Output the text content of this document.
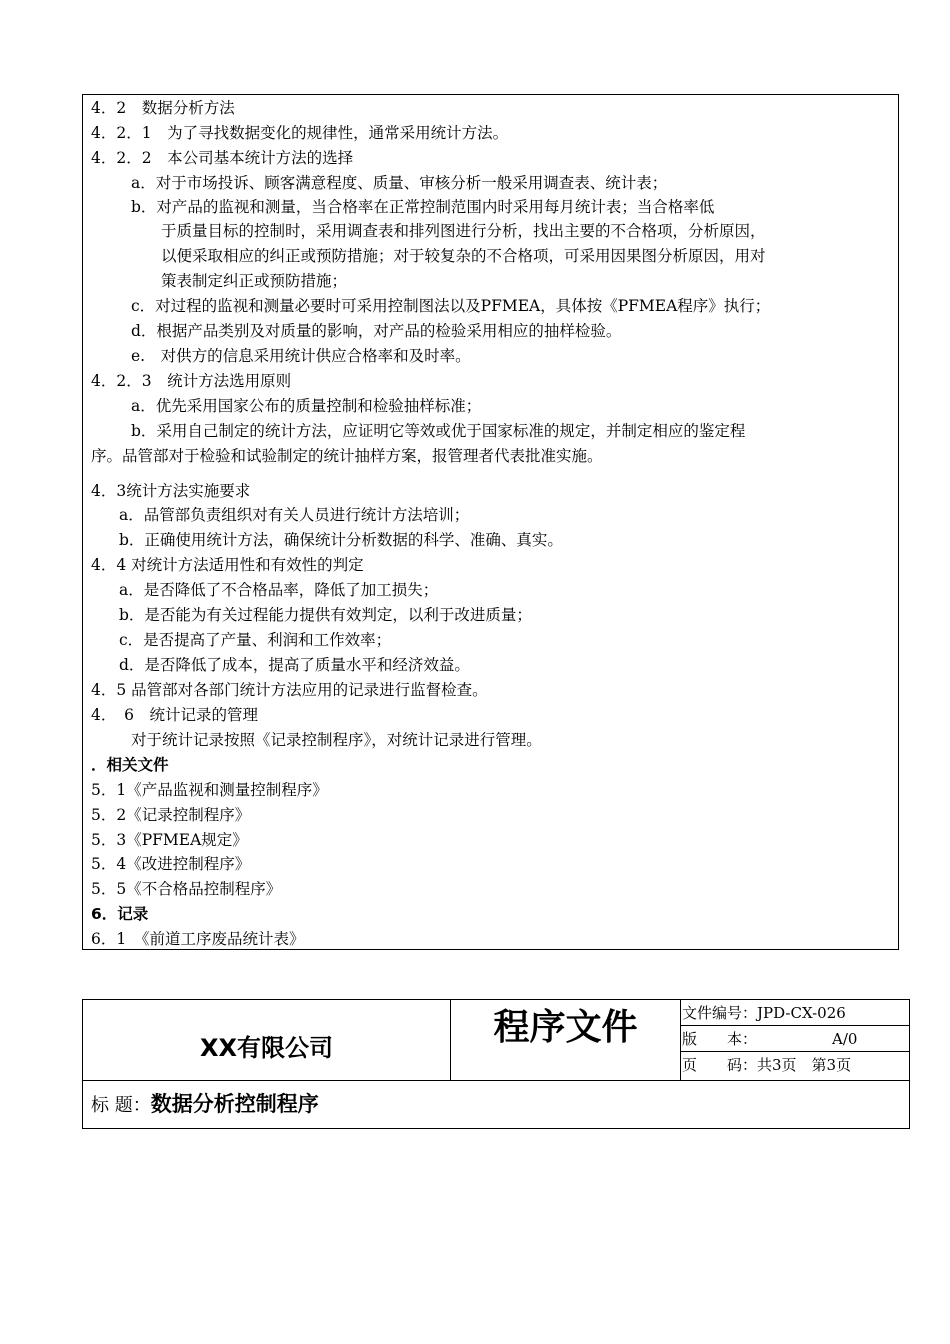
4．2　数据分析方法
4．2．1　为了寻找数据变化的规律性，通常采用统计方法。
4．2．2　本公司基本统计方法的选择
a．对于市场投诉、顾客满意程度、质量、审核分析一般采用调查表、统计表；
b．对产品的监视和测量，当合格率在正常控制范围内时采用每月统计表；当合格率低
于质量目标的控制时，采用调查表和排列图进行分析，找出主要的不合格项，分析原因，
以便采取相应的纠正或预防措施；对于较复杂的不合格项，可采用因果图分析原因，用对
策表制定纠正或预防措施；
c．对过程的监视和测量必要时可采用控制图法以及PFMEA，具体按《PFMEA程序》执行；
d．根据产品类别及对质量的影响，对产品的检验采用相应的抽样检验。
e.　对供方的信息采用统计供应合格率和及时率。
4．2．3　统计方法选用原则
a．优先采用国家公布的质量控制和检验抽样标准；
b．采用自己制定的统计方法，应证明它等效或优于国家标准的规定，并制定相应的鉴定程
序。品管部对于检验和试验制定的统计抽样方案，报管理者代表批准实施。
4．3统计方法实施要求
a．品管部负责组织对有关人员进行统计方法培训；
b．正确使用统计方法，确保统计分析数据的科学、准确、真实。
4．4 对统计方法适用性和有效性的判定
a．是否降低了不合格品率，降低了加工损失；
b．是否能为有关过程能力提供有效判定，以利于改进质量；
c．是否提高了产量、利润和工作效率；
d．是否降低了成本，提高了质量水平和经济效益。
4．5 品管部对各部门统计方法应用的记录进行监督检查。
4．　6　统计记录的管理
对于统计记录按照《记录控制程序》，对统计记录进行管理。
．相关文件
5．1《产品监视和测量控制程序》
5．2《记录控制程序》
5．3《PFMEA规定》
5．4《改进控制程序》
5．5《不合格品控制程序》
6．记录
6．1　《前道工序废品统计表》
XX有限公司	程序文件	文件编号：JPD-CX-026
版　　本：	A/0
页　　码：共3页　第3页
标 题：数据分析控制程序
